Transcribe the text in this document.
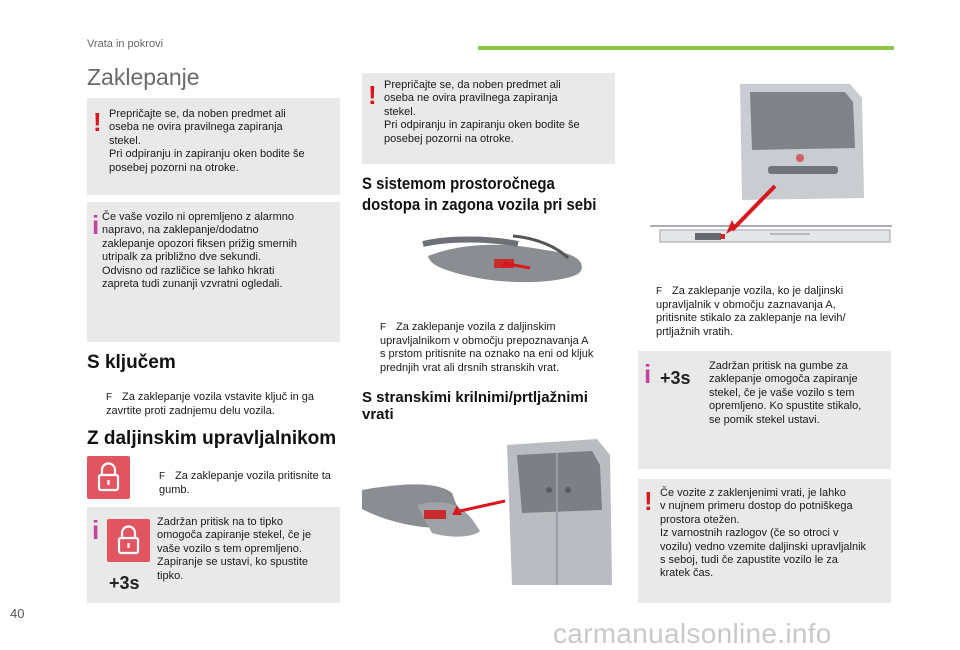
Vrata in pokrovi
Zaklepanje
! Prepričajte se, da noben predmet ali
oseba ne ovira pravilnega zapiranja
stekel.
Pri odpiranju in zapiranju oken bodite še
posebej pozorni na otroke.
i Če vaše vozilo ni opremljeno z alarmno
napravo, na zaklepanje/dodatno
zaklepanje opozori fiksen prižig smernih
utripalk za približno dve sekundi.
Odvisno od različice se lahko hkrati
zapreta tudi zunanji vzvratni ogledali.
S ključem

F Za zaklepanje vozila vstavite ključ in ga
zavrtite proti zadnjemu delu vozila.

Z daljinskim upravljalnikom

F Za zaklepanje vozila pritisnite ta
gumb.

i
+3s
Zadržan pritisk na to tipko
omogoča zapiranje stekel, če je
vaše vozilo s tem opremljeno.
Zapiranje se ustavi, ko spustite
tipko.
! Prepričajte se, da noben predmet ali
oseba ne ovira pravilnega zapiranja
stekel.
Pri odpiranju in zapiranju oken bodite še
posebej pozorni na otroke.
S sistemom prostoročnega
dostopa in zagona vozila pri sebi

F Za zaklepanje vozila z daljinskim
upravljalnikom v območju prepoznavanja A
s prstom pritisnite na oznako na eni od kljuk
prednjih vrat ali drsnih stranskih vrat.

S stranskimi krilnimi/prtljažnimi
vrati

F Za zaklepanje vozila, ko je daljinski
upravljalnik v območju zaznavanja A,
pritisnite stikalo za zaklepanje na levih/
prtljažnih vratih.

i +3s
Zadržan pritisk na gumbe za
zaklepanje omogoča zapiranje
stekel, če je vaše vozilo s tem
opremljeno. Ko spustite stikalo,
se pomik stekel ustavi.
! Če vozite z zaklenjenimi vrati, je lahko
v nujnem primeru dostop do potniškega
prostora otežen.
Iz varnostnih razlogov (če so otroci v
vozilu) vedno vzemite daljinski upravljalnik
s seboj, tudi če zapustite vozilo le za
kratek čas.
40
carmanualsonline.info
